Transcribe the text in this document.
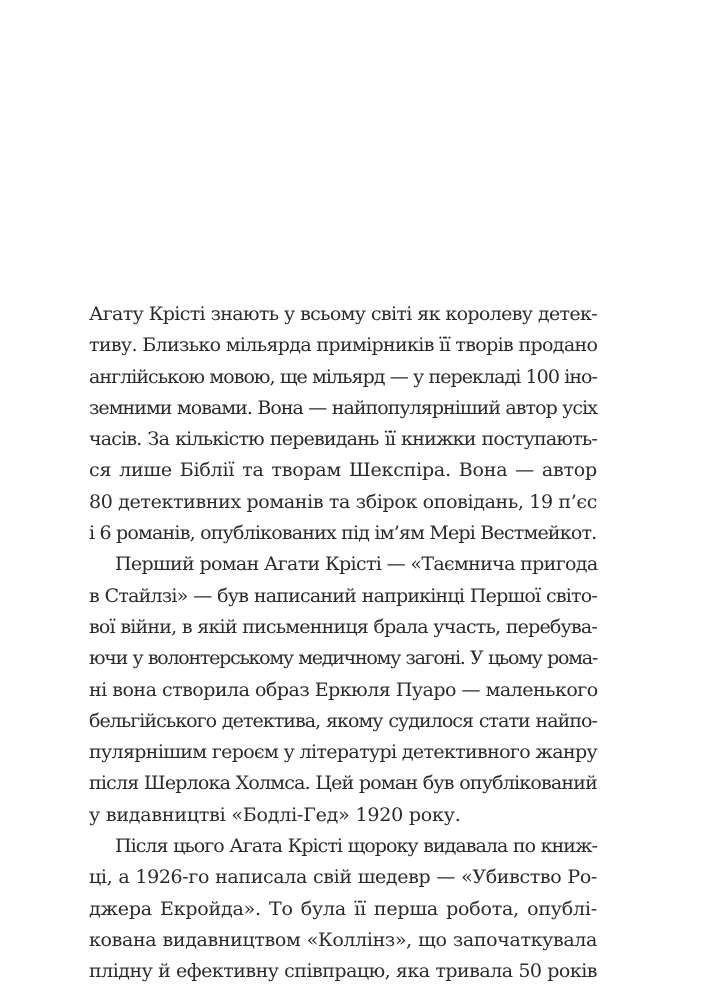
Агату Крісті знають у всьому світі як королеву детек-
тиву. Близько мільярда примірників її творів продано
англійською мовою, ще мільярд — у перекладі 100 іно-
земними мовами. Вона — найпопулярніший автор усіх
часів. За кількістю перевидань її книжки поступають-
ся лише Біблії та творам Шекспіра. Вона — автор
80 детективних романів та збірок оповідань, 19 п’єс
і 6 романів, опублікованих під ім’ям Мері Вестмейкот.
Перший роман Агати Крісті — «Таємнича пригода
в Стайлзі» — був написаний наприкінці Першої світо-
вої війни, в якій письменниця брала участь, перебува-
ючи у волонтерському медичному загоні. У цьому рома-
ні вона створила образ Еркюля Пуаро — маленького
бельгійського детектива, якому судилося стати найпо-
пулярнішим героєм у літературі детективного жанру
після Шерлока Холмса. Цей роман був опублікований
у видавництві «Бодлі-Гед» 1920 року.
Після цього Агата Крісті щороку видавала по книж-
ці, а 1926-го написала свій шедевр — «Убивство Ро-
джера Екройда». То була її перша робота, опублі-
кована видавництвом «Коллінз», що започаткувала
плідну й ефективну співпрацю, яка тривала 50 років
